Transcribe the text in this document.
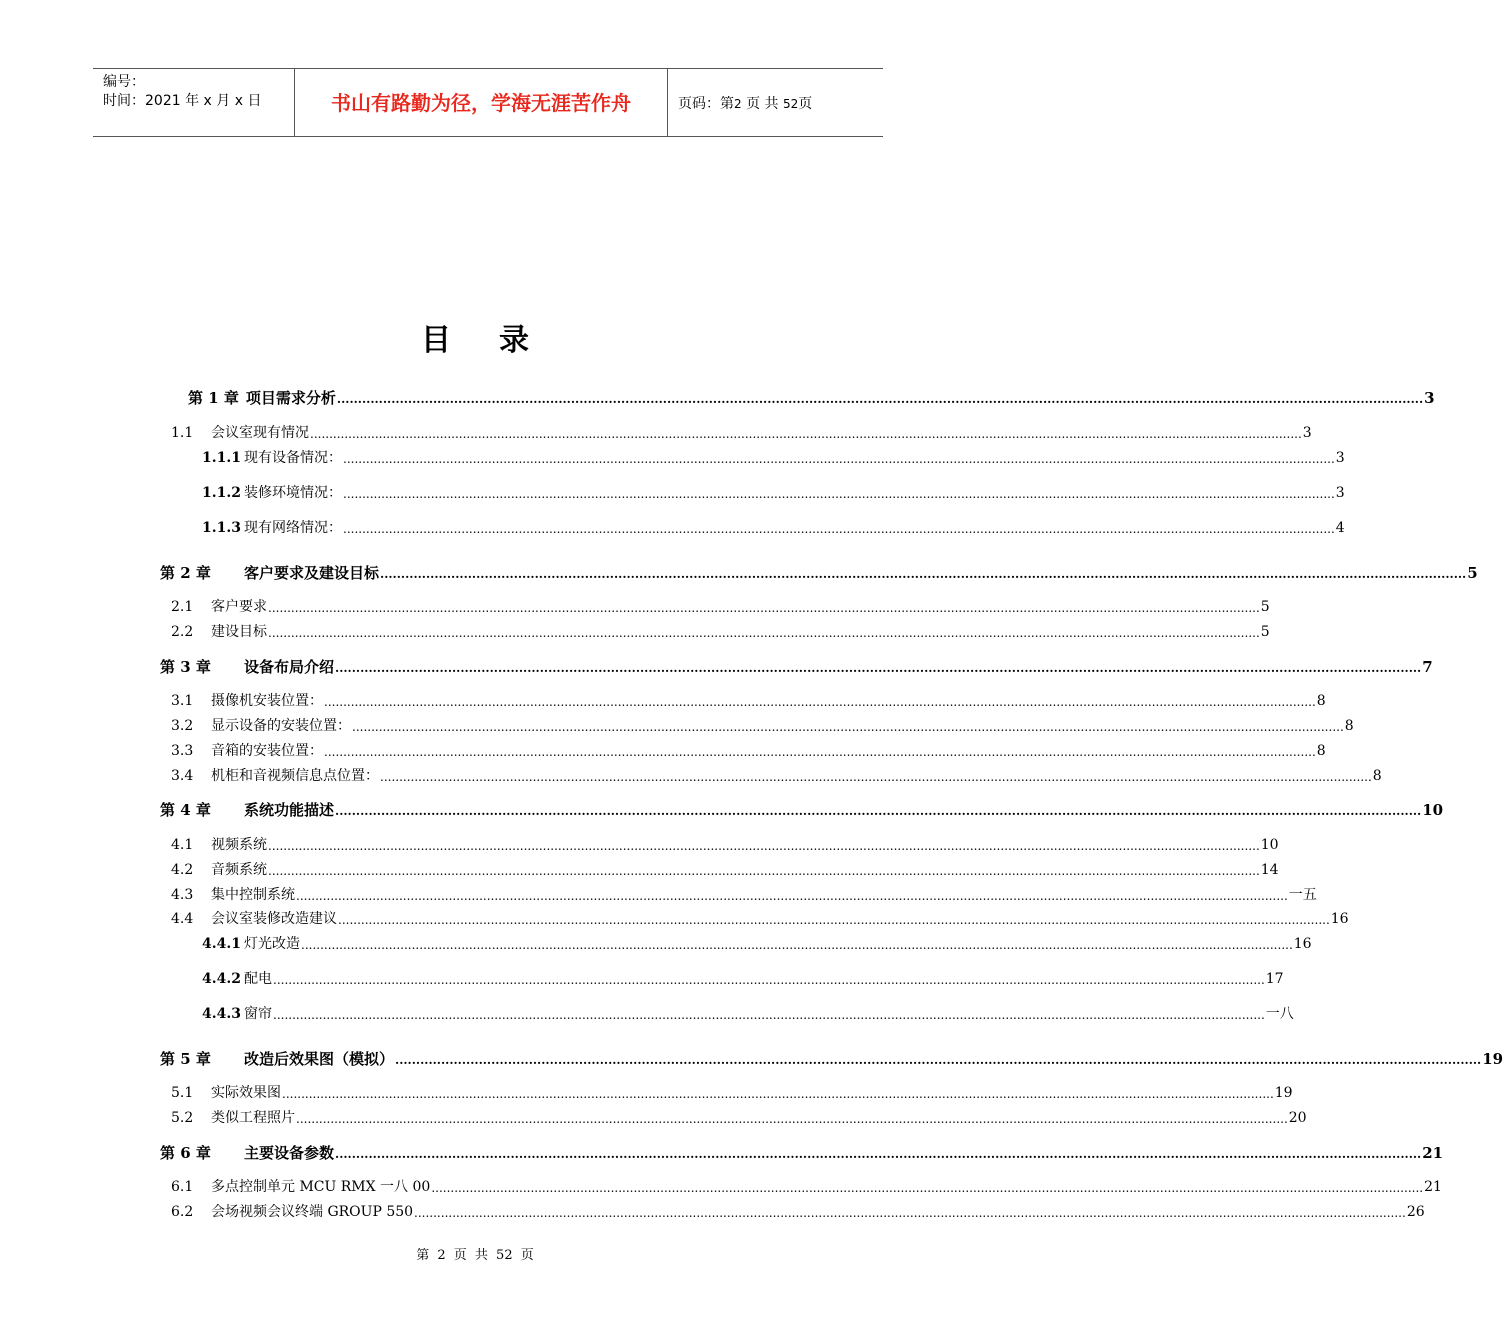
编号：
时间：2021 年 x 月 x 日	书山有路勤为径，学海无涯苦作舟	页码：第2 页 共 52页
目录
第 1 章 项目需求分析 .................................................................................................................................................................................................................................................................... 3
1.1	会议室现有情况 .................................................................................................................................................................................................................................................................... 3
1.1.1 现有设备情况： .................................................................................................................................................................................................................................................................... 3
1.1.2 装修环境情况： .................................................................................................................................................................................................................................................................... 3
1.1.3 现有网络情况： .................................................................................................................................................................................................................................................................... 4
第 2 章	客户要求及建设目标 .................................................................................................................................................................................................................................................................... 5
2.1	客户要求 .................................................................................................................................................................................................................................................................... 5
2.2	建设目标 .................................................................................................................................................................................................................................................................... 5
第 3 章	设备布局介绍 .................................................................................................................................................................................................................................................................... 7
3.1	摄像机安装位置： .................................................................................................................................................................................................................................................................... 8
3.2	显示设备的安装位置： .................................................................................................................................................................................................................................................................... 8
3.3	音箱的安装位置： .................................................................................................................................................................................................................................................................... 8
3.4	机柜和音视频信息点位置： .................................................................................................................................................................................................................................................................... 8
第 4 章	系统功能描述 .................................................................................................................................................................................................................................................................... 10
4.1	视频系统 .................................................................................................................................................................................................................................................................... 10
4.2	音频系统 .................................................................................................................................................................................................................................................................... 14
4.3	集中控制系统 .................................................................................................................................................................................................................................................................... 一五
4.4	会议室装修改造建议 .................................................................................................................................................................................................................................................................... 16
4.4.1 灯光改造 .................................................................................................................................................................................................................................................................... 16
4.4.2 配电 .................................................................................................................................................................................................................................................................... 17
4.4.3 窗帘 .................................................................................................................................................................................................................................................................... 一八
第 5 章	改造后效果图（模拟） .................................................................................................................................................................................................................................................................... 19
5.1	实际效果图 .................................................................................................................................................................................................................................................................... 19
5.2	类似工程照片 .................................................................................................................................................................................................................................................................... 20
第 6 章	主要设备参数 .................................................................................................................................................................................................................................................................... 21
6.1	多点控制单元 MCU RMX 一八 00 .................................................................................................................................................................................................................................................................... 21
6.2	会场视频会议终端 GROUP 550 .................................................................................................................................................................................................................................................................... 26
第 2 页 共 52 页
